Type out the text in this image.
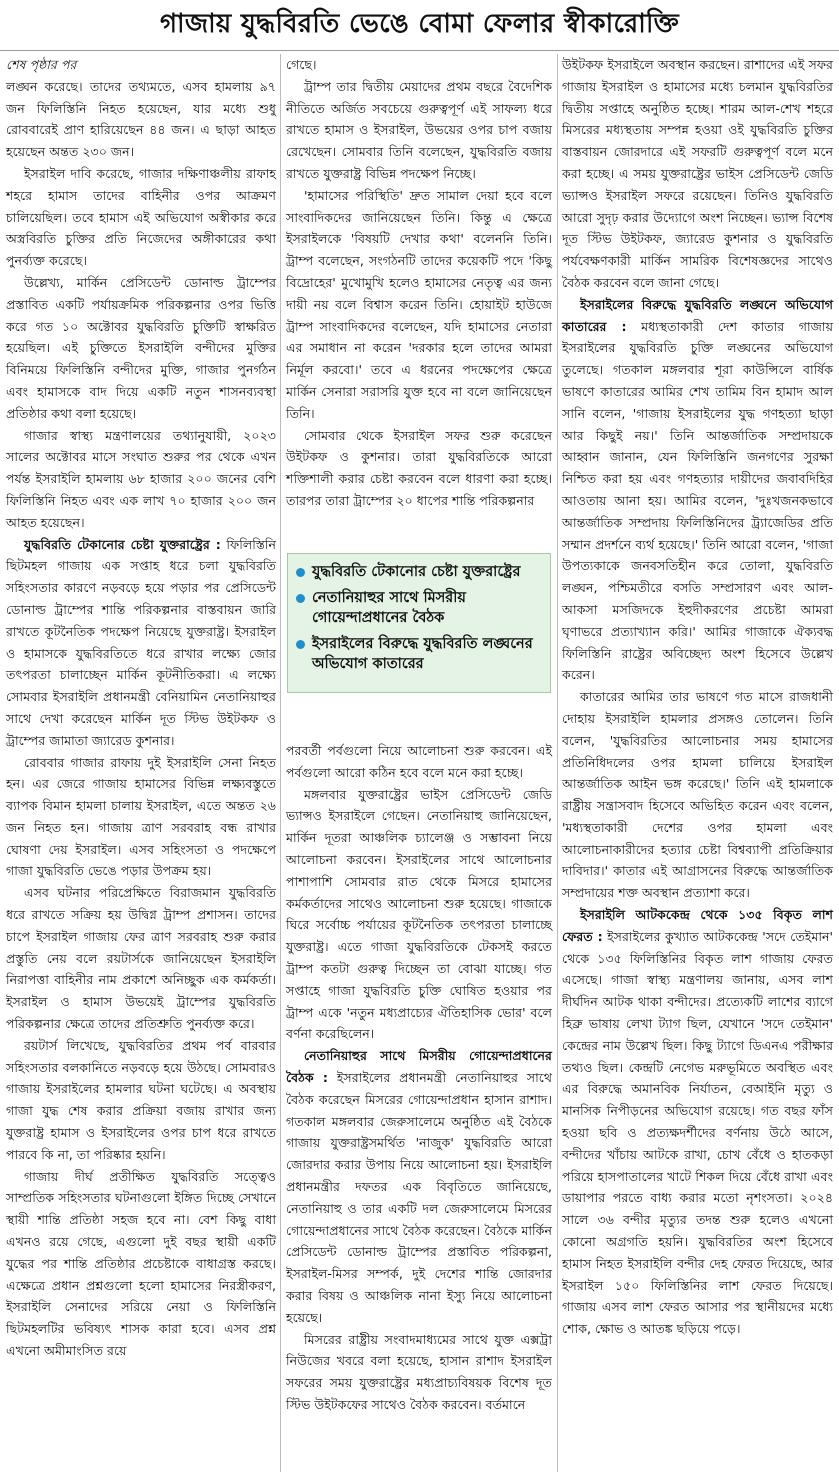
গাজায় যুদ্ধবিরতি ভেঙে বোমা ফেলার স্বীকারোক্তি

শেষ পৃষ্ঠার পর

লঙ্ঘন করেছে। তাদের তথ্যমতে, এসব হামলায় ৯৭ জন ফিলিস্তিনি নিহত হয়েছেন, যার মধ্যে শুধু রোববারেই প্রাণ হারিয়েছেন ৪৪ জন। এ ছাড়া আহত হয়েছেন অন্তত ২৩০ জন।

ইসরাইল দাবি করেছে, গাজার দক্ষিণাঞ্চলীয় রাফাহ শহরে হামাস তাদের বাহিনীর ওপর আক্রমণ চালিয়েছিল। তবে হামাস এই অভিযোগ অস্বীকার করে অস্ত্রবিরতি চুক্তির প্রতি নিজেদের অঙ্গীকারের কথা পুনর্ব্যক্ত করেছে।

উল্লেখ্য, মার্কিন প্রেসিডেন্ট ডোনাল্ড ট্রাম্পের প্রস্তাবিত একটি পর্যায়ক্রমিক পরিকল্পনার ওপর ভিত্তি করে গত ১০ অক্টোবর যুদ্ধবিরতি চুক্তিটি স্বাক্ষরিত হয়েছিল। এই চুক্তিতে ইসরাইলি বন্দীদের মুক্তির বিনিময়ে ফিলিস্তিনি বন্দীদের মুক্তি, গাজার পুনর্গঠন এবং হামাসকে বাদ দিয়ে একটি নতুন শাসনব্যবস্থা প্রতিষ্ঠার কথা বলা হয়েছে।

গাজার স্বাস্থ্য মন্ত্রণালয়ের তথ্যানুযায়ী, ২০২৩ সালের অক্টোবর মাসে সংঘাত শুরুর পর থেকে এখন পর্যন্ত ইসরাইলি হামলায় ৬৮ হাজার ২০০ জনের বেশি ফিলিস্তিনি নিহত এবং এক লাখ ৭০ হাজার ২০০ জন আহত হয়েছেন।

যুদ্ধবিরতি টেকানোর চেষ্টা যুক্তরাষ্ট্রের : ফিলিস্তিনি ছিটমহল গাজায় এক সপ্তাহ ধরে চলা যুদ্ধবিরতি সহিংসতার কারণে নড়বড়ে হয়ে পড়ার পর প্রেসিডেন্ট ডোনাল্ড ট্রাম্পের শান্তি পরিকল্পনার বাস্তবায়ন জারি রাখতে কূটনৈতিক পদক্ষেপ নিয়েছে যুক্তরাষ্ট্র। ইসরাইল ও হামাসকে যুদ্ধবিরতিতে ধরে রাখার লক্ষ্যে জোর তৎপরতা চালাচ্ছেন মার্কিন কূটনীতিকরা। এ লক্ষ্যে সোমবার ইসরাইলি প্রধানমন্ত্রী বেনিয়ামিন নেতানিয়াহুর সাথে দেখা করেছেন মার্কিন দূত স্টিভ উইটকফ ও ট্রাম্পের জামাতা জ্যারেড কুশনার।

রোববার গাজার রাফায় দুই ইসরাইলি সেনা নিহত হন। এর জেরে গাজায় হামাসের বিভিন্ন লক্ষ্যবস্তুতে ব্যাপক বিমান হামলা চালায় ইসরাইল, এতে অন্তত ২৬ জন নিহত হন। গাজায় ত্রাণ সরবরাহ বন্ধ রাখার ঘোষণা দেয় ইসরাইল। এসব সহিংসতা ও পদক্ষেপে গাজা যুদ্ধবিরতি ভেঙে পড়ার উপক্রম হয়।

এসব ঘটনার পরিপ্রেক্ষিতে বিরাজমান যুদ্ধবিরতি ধরে রাখতে সক্রিয় হয় উদ্বিগ্ন ট্রাম্প প্রশাসন। তাদের চাপে ইসরাইল গাজায় ফের ত্রাণ সরবরাহ শুরু করার প্রস্তুতি নেয় বলে রয়টার্সকে জানিয়েছেন ইসরাইলি নিরাপত্তা বাহিনীর নাম প্রকাশে অনিচ্ছুক এক কর্মকর্তা। ইসরাইল ও হামাস উভয়েই ট্রাম্পের যুদ্ধবিরতি পরিকল্পনার ক্ষেত্রে তাদের প্রতিশ্রুতি পুনর্ব্যক্ত করে।

রয়টার্স লিখেছে, যুদ্ধবিরতির প্রথম পর্ব বারবার সহিংসতার বলকানিতে নড়বড়ে হয়ে উঠছে। সোমবারও গাজায় ইসরাইলের হামলার ঘটনা ঘটেছে। এ অবস্থায় গাজা যুদ্ধ শেষ করার প্রক্রিয়া বজায় রাখার জন্য যুক্তরাষ্ট্র হামাস ও ইসরাইলের ওপর চাপ ধরে রাখতে পারবে কি না, তা পরিষ্কার হয়নি।

গাজায় দীর্ঘ প্রতীক্ষিত যুদ্ধবিরতি সত্ত্বেও সাম্প্রতিক সহিংসতার ঘটনাগুলো ইঙ্গিত দিচ্ছে সেখানে স্থায়ী শান্তি প্রতিষ্ঠা সহজ হবে না। বেশ কিছু বাধা এখনও রয়ে গেছে, এগুলো দুই বছর স্থায়ী একটি যুদ্ধের পর শান্তি প্রতিষ্ঠার প্রচেষ্টাকে বাধাগ্রস্ত করছে। এক্ষেত্রে প্রধান প্রশ্নগুলো হলো হামাসের নিরস্ত্রীকরণ, ইসরাইলি সেনাদের সরিয়ে নেয়া ও ফিলিস্তিনি ছিটমহলটির ভবিষ্যৎ শাসক কারা হবে। এসব প্রশ্ন এখনো অমীমাংসিত রয়ে

গেছে।

ট্রাম্প তার দ্বিতীয় মেয়াদের প্রথম বছরে বৈদেশিক নীতিতে অর্জিত সবচেয়ে গুরুত্বপূর্ণ এই সাফল্য ধরে রাখতে হামাস ও ইসরাইল, উভয়ের ওপর চাপ বজায় রেখেছেন। সোমবার তিনি বলেছেন, যুদ্ধবিরতি বজায় রাখতে যুক্তরাষ্ট্র বিভিন্ন পদক্ষেপ নিচ্ছে।

'হামাসের পরিস্থিতি' দ্রুত সামাল দেয়া হবে বলে সাংবাদিকদের জানিয়েছেন তিনি। কিন্তু এ ক্ষেত্রে ইসরাইলকে 'বিষয়টি দেখার কথা' বলেননি তিনি। ট্রাম্প বলেছেন, সংগঠনটি তাদের কয়েকটি পদে 'কিছু বিদ্রোহের' মুখোমুখি হলেও হামাসের নেতৃত্ব এর জন্য দায়ী নয় বলে বিশ্বাস করেন তিনি। হোয়াইট হাউজে ট্রাম্প সাংবাদিকদের বলেছেন, যদি হামাসের নেতারা এর সমাধান না করেন 'দরকার হলে তাদের আমরা নির্মূল করবো।' তবে এ ধরনের পদক্ষেপের ক্ষেত্রে মার্কিন সেনারা সরাসরি যুক্ত হবে না বলে জানিয়েছেন তিনি।

সোমবার থেকে ইসরাইল সফর শুরু করেছেন উইটকফ ও কুশনার। তারা যুদ্ধবিরতিকে আরো শক্তিশালী করার চেষ্টা করবেন বলে ধারণা করা হচ্ছে। তারপর তারা ট্রাম্পের ২০ ধাপের শান্তি পরিকল্পনার

যুদ্ধবিরতি টেকানোর চেষ্টা যুক্তরাষ্ট্রের
নেতানিয়াহুর সাথে মিসরীয় গোয়েন্দাপ্রধানের বৈঠক
ইসরাইলের বিরুদ্ধে যুদ্ধবিরতি লঙ্ঘনের অভিযোগ কাতারের

পরবর্তী পর্বগুলো নিয়ে আলোচনা শুরু করবেন। এই পর্বগুলো আরো কঠিন হবে বলে মনে করা হচ্ছে।

মঙ্গলবার যুক্তরাষ্ট্রের ভাইস প্রেসিডেন্ট জেডি ভ্যান্সও ইসরাইলে গেছেন। নেতানিয়াহু জানিয়েছেন, মার্কিন দূতরা আঞ্চলিক চ্যালেঞ্জ ও সম্ভাবনা নিয়ে আলোচনা করবেন। ইসরাইলের সাথে আলোচনার পাশাপাশি সোমবার রাত থেকে মিসরে হামাসের কর্মকর্তাদের সাথেও আলোচনা শুরু হয়েছে। গাজাকে ঘিরে সর্বোচ্চ পর্যায়ের কূটনৈতিক তৎপরতা চালাচ্ছে যুক্তরাষ্ট্র। এতে গাজা যুদ্ধবিরতিকে টেকসই করতে ট্রাম্প কতটা গুরুত্ব দিচ্ছেন তা বোঝা যাচ্ছে। গত সপ্তাহে গাজা যুদ্ধবিরতি চুক্তি ঘোষিত হওয়ার পর ট্রাম্প একে 'নতুন মধ্যপ্রাচ্যের ঐতিহাসিক ভোর' বলে বর্ণনা করেছিলেন।

নেতানিয়াহুর সাথে মিসরীয় গোয়েন্দাপ্রধানের বৈঠক : ইসরাইলের প্রধানমন্ত্রী নেতানিয়াহুর সাথে বৈঠক করেছেন মিসরের গোয়েন্দাপ্রধান হাসান রাশাদ। গতকাল মঙ্গলবার জেরুসালেমে অনুষ্ঠিত এই বৈঠকে গাজায় যুক্তরাষ্ট্রসমর্থিত 'নাজুক' যুদ্ধবিরতি আরো জোরদার করার উপায় নিয়ে আলোচনা হয়। ইসরাইলি প্রধানমন্ত্রীর দফতর এক বিবৃতিতে জানিয়েছে, নেতানিয়াহু ও তার একটি দল জেরুসালেমে মিসরের গোয়েন্দাপ্রধানের সাথে বৈঠক করেছেন। বৈঠকে মার্কিন প্রেসিডেন্ট ডোনাল্ড ট্রাম্পের প্রস্তাবিত পরিকল্পনা, ইসরাইল-মিসর সম্পর্ক, দুই দেশের শান্তি জোরদার করার বিষয় ও আঞ্চলিক নানা ইস্যু নিয়ে আলোচনা হয়েছে।

মিসরের রাষ্ট্রীয় সংবাদমাধ্যমের সাথে যুক্ত এক্সট্রা নিউজের খবরে বলা হয়েছে, হাসান রাশাদ ইসরাইল সফরের সময় যুক্তরাষ্ট্রের মধ্যপ্রাচ্যবিষয়ক বিশেষ দূত স্টিভ উইটকফের সাথেও বৈঠক করবেন। বর্তমানে

উইটকফ ইসরাইলে অবস্থান করছেন। রাশাদের এই সফর গাজায় ইসরাইল ও হামাসের মধ্যে চলমান যুদ্ধবিরতির দ্বিতীয় সপ্তাহে অনুষ্ঠিত হচ্ছে। শারম আল-শেখ শহরে মিসরের মধ্যস্থতায় সম্পন্ন হওয়া ওই যুদ্ধবিরতি চুক্তির বাস্তবায়ন জোরদারে এই সফরটি গুরুত্বপূর্ণ বলে মনে করা হচ্ছে। এ সময় যুক্তরাষ্ট্রের ভাইস প্রেসিডেন্ট জেডি ভ্যান্সও ইসরাইল সফরে রয়েছেন। তিনিও যুদ্ধবিরতি আরো সুদৃঢ় করার উদ্যোগে অংশ নিচ্ছেন। ভ্যান্স বিশেষ দূত স্টিভ উইটকফ, জ্যারেড কুশনার ও যুদ্ধবিরতি পর্যবেক্ষণকারী মার্কিন সামরিক বিশেষজ্ঞদের সাথেও বৈঠক করবেন বলে জানা গেছে।

ইসরাইলের বিরুদ্ধে যুদ্ধবিরতি লঙ্ঘনে অভিযোগ কাতারের : মধ্যস্থতাকারী দেশ কাতার গাজায় ইসরাইলের যুদ্ধবিরতি চুক্তি লঙ্ঘনের অভিযোগ তুলেছে। গতকাল মঙ্গলবার শূরা কাউন্সিলে বার্ষিক ভাষণে কাতারের আমির শেখ তামিম বিন হামাদ আল সানি বলেন, 'গাজায় ইসরাইলের যুদ্ধ গণহত্যা ছাড়া আর কিছুই নয়।' তিনি আন্তর্জাতিক সম্প্রদায়কে আহ্বান জানান, যেন ফিলিস্তিনি জনগণের সুরক্ষা নিশ্চিত করা হয় এবং গণহত্যার দায়ীদের জবাবদিহির আওতায় আনা হয়। আমির বলেন, 'দুঃখজনকভাবে আন্তর্জাতিক সম্প্রদায় ফিলিস্তিনিদের ট্র্যাজেডির প্রতি সম্মান প্রদর্শনে ব্যর্থ হয়েছে।' তিনি আরো বলেন, 'গাজা উপত্যকাকে জনবসতিহীন করে তোলা, যুদ্ধবিরতি লঙ্ঘন, পশ্চিমতীরে বসতি সম্প্রসারণ এবং আল-আকসা মসজিদকে ইহুদীকরণের প্রচেষ্টা আমরা ঘৃণাভরে প্রত্যাখ্যান করি।' আমির গাজাকে ঐক্যবদ্ধ ফিলিস্তিনি রাষ্ট্রের অবিচ্ছেদ্য অংশ হিসেবে উল্লেখ করেন।

কাতারের আমির তার ভাষণে গত মাসে রাজধানী দোহায় ইসরাইলি হামলার প্রসঙ্গও তোলেন। তিনি বলেন, 'যুদ্ধবিরতির আলোচনার সময় হামাসের প্রতিনিধিদলের ওপর হামলা চালিয়ে ইসরাইল আন্তর্জাতিক আইন ভঙ্গ করেছে।' তিনি এই হামলাকে রাষ্ট্রীয় সন্ত্রাসবাদ হিসেবে অভিহিত করেন এবং বলেন, 'মধ্যস্থতাকারী দেশের ওপর হামলা এবং আলোচনাকারীদের হত্যার চেষ্টা বিশ্বব্যাপী প্রতিক্রিয়ার দাবিদার।' কাতার এই আগ্রাসনের বিরুদ্ধে আন্তর্জাতিক সম্প্রদায়ের শক্ত অবস্থান প্রত্যাশা করে।

ইসরাইলি আটককেন্দ্র থেকে ১৩৫ বিকৃত লাশ ফেরত : ইসরাইলের কুখ্যাত আটককেন্দ্র 'সদে তেইমান' থেকে ১৩৫ ফিলিস্তিনির বিকৃত লাশ গাজায় ফেরত এসেছে। গাজা স্বাস্থ্য মন্ত্রণালয় জানায়, এসব লাশ দীর্ঘদিন আটক থাকা বন্দীদের। প্রত্যেকটি লাশের ব্যাগে হিব্রু ভাষায় লেখা ট্যাগ ছিল, যেখানে 'সদে তেইমান' কেন্দ্রের নাম উল্লেখ ছিল। কিছু ট্যাগে ডিএনএ পরীক্ষার তথ্যও ছিল। কেন্দ্রটি নেগেভ মরুভূমিতে অবস্থিত এবং এর বিরুদ্ধে অমানবিক নির্যাতন, বেআইনি মৃত্যু ও মানসিক নিপীড়নের অভিযোগ রয়েছে। গত বছর ফাঁস হওয়া ছবি ও প্রত্যক্ষদর্শীদের বর্ণনায় উঠে আসে, বন্দীদের খাঁচায় আটকে রাখা, চোখ বেঁধে ও হাতকড়া পরিয়ে হাসপাতালের খাটে শিকল দিয়ে বেঁধে রাখা এবং ডায়াপার পরতে বাধ্য করার মতো নৃশংসতা। ২০২৪ সালে ৩৬ বন্দীর মৃত্যুর তদন্ত শুরু হলেও এখনো কোনো অগ্রগতি হয়নি। যুদ্ধবিরতির অংশ হিসেবে হামাস নিহত ইসরাইলি বন্দীর দেহ ফেরত দিয়েছে, আর ইসরাইল ১৫০ ফিলিস্তিনির লাশ ফেরত দিয়েছে। গাজায় এসব লাশ ফেরত আসার পর স্থানীয়দের মধ্যে শোক, ক্ষোভ ও আতঙ্ক ছড়িয়ে পড়ে।
